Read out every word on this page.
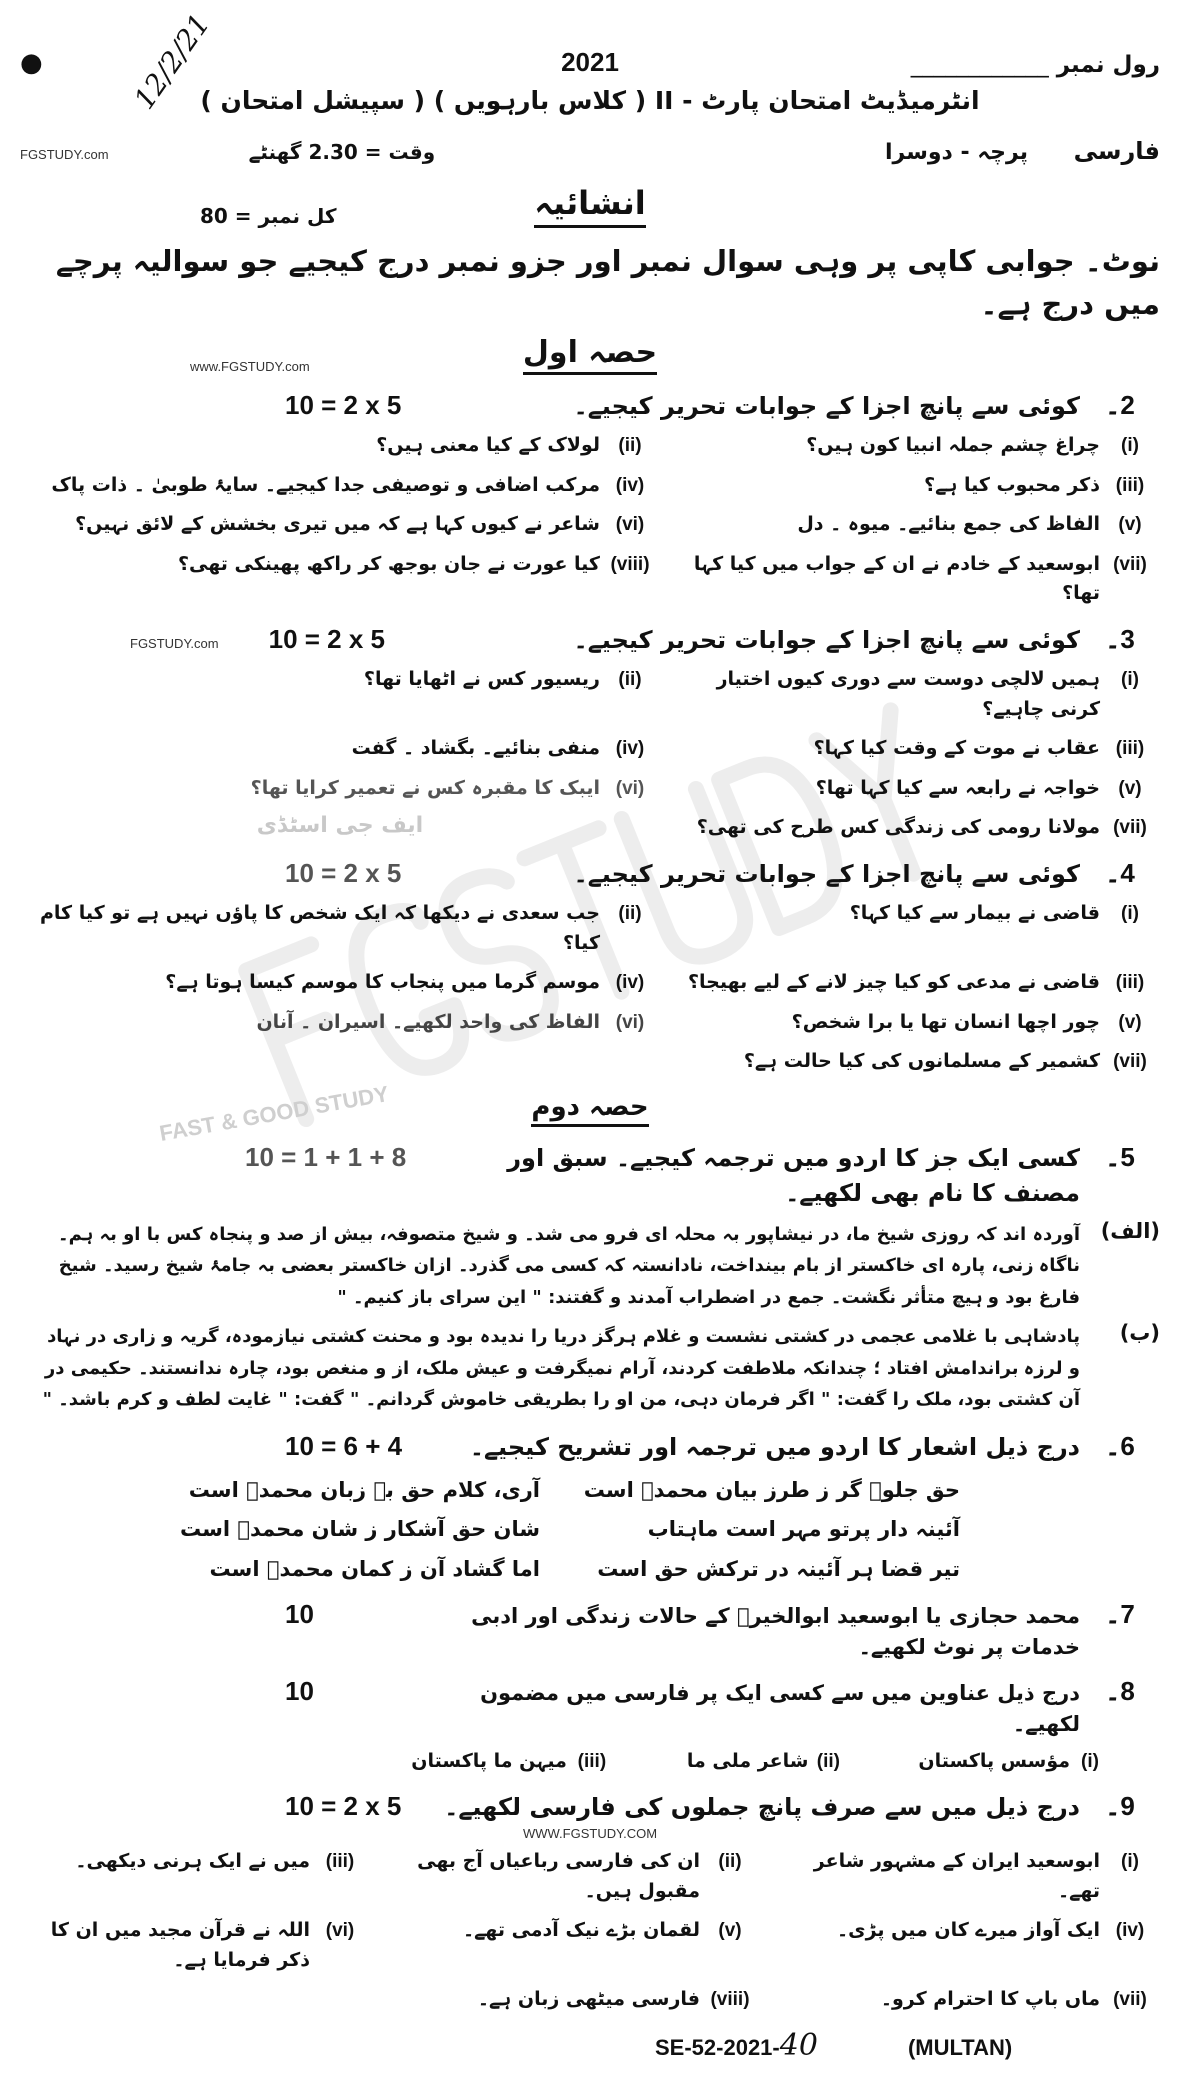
رول نمبر ____________
2021
●	12/2/21
انٹرمیڈیٹ امتحان پارٹ - II ( کلاس بارہویں ) ( سپیشل امتحان )
فارسی پرچہ - دوسرا
وقت = 2.30 گھنٹے
FGSTUDY.com
انشائیہ
کل نمبر = 80
نوٹ۔ جوابی کاپی پر وہی سوال نمبر اور جزو نمبر درج کیجیے جو سوالیہ پرچے میں درج ہے۔
حصہ اول
www.FGSTUDY.com
2۔
کوئی سے پانچ اجزا کے جوابات تحریر کیجیے۔
10 = 2 x 5
(i)
چراغ چشم جملہ انبیا کون ہیں؟
(ii)
لولاک کے کیا معنی ہیں؟
(iii)
ذکر محبوب کیا ہے؟
(iv)
مرکب اضافی و توصیفی جدا کیجیے۔ سایۂ طوبیٰ ۔ ذات پاک
(v)
الفاظ کی جمع بنائیے۔ میوہ ۔ دل
(vi)
شاعر نے کیوں کہا ہے کہ میں تیری بخشش کے لائق نہیں؟
(vii)
ابوسعید کے خادم نے ان کے جواب میں کیا کہا تھا؟
(viii)
کیا عورت نے جان بوجھ کر راکھ پھینکی تھی؟
3۔
کوئی سے پانچ اجزا کے جوابات تحریر کیجیے۔
FGSTUDY.com 10 = 2 x 5
(i)
ہمیں لالچی دوست سے دوری کیوں اختیار کرنی چاہیے؟
(ii)
ریسیور کس نے اٹھایا تھا؟
(iii)
عقاب نے موت کے وقت کیا کہا؟
(iv)
منفی بنائیے۔ بگشاد ۔ گفت
(v)
خواجہ نے رابعہ سے کیا کہا تھا؟
(vi)
ایبک کا مقبرہ کس نے تعمیر کرایا تھا؟
(vii)
مولانا رومی کی زندگی کس طرح کی تھی؟
ایف جی اسٹڈی
4۔
کوئی سے پانچ اجزا کے جوابات تحریر کیجیے۔
10 = 2 x 5
(i)
قاضی نے بیمار سے کیا کہا؟
(ii)
جب سعدی نے دیکھا کہ ایک شخص کا پاؤں نہیں ہے تو کیا کام کیا؟
(iii)
قاضی نے مدعی کو کیا چیز لانے کے لیے بھیجا؟
(iv)
موسم گرما میں پنجاب کا موسم کیسا ہوتا ہے؟
(v)
چور اچھا انسان تھا یا برا شخص؟
(vi)
الفاظ کی واحد لکھیے۔ اسیران ۔ آنان
(vii)
کشمیر کے مسلمانوں کی کیا حالت ہے؟
حصہ دوم
FAST & GOOD STUDY
5۔
کسی ایک جز کا اردو میں ترجمہ کیجیے۔ سبق اور مصنف کا نام بھی لکھیے۔
10 = 1 + 1 + 8
(الف)
آوردہ اند کہ روزی شیخ ما، در نیشاپور بہ محلہ ای فرو می شد۔ و شیخ متصوفہ، بیش از صد و پنجاہ کس با او بہ ہم۔ ناگاہ زنی، پارہ ای خاکستر از بام بینداخت، نادانستہ کہ کسی می گذرد۔ ازان خاکستر بعضی بہ جامۂ شیخ رسید۔ شیخ فارغ بود و ہیچ متأثر نگشت۔ جمع در اضطراب آمدند و گفتند: " این سرای باز کنیم۔ "
(ب)
پادشاہی با غلامی عجمی در کشتی نشست و غلام ہرگز دریا را ندیدہ بود و محنت کشتی نیازمودہ، گریہ و زاری در نہاد و لرزہ براندامش افتاد ؛ چندانکہ ملاطفت کردند، آرام نمیگرفت و عیش ملک، از و منغص بود، چارہ ندانستند۔ حکیمی در آن کشتی بود، ملک را گفت: " اگر فرمان دہی، من او را بطریقی خاموش گردانم۔ " گفت: " غایت لطف و کرم باشد۔ "
6۔
درج ذیل اشعار کا اردو میں ترجمہ اور تشریح کیجیے۔
10 = 6 + 4
حق جلوہ گر ز طرز بیان محمدؐ است
آری، کلام حق بہ زبان محمدؐ است
آئینہ دار پرتو مہر است ماہتاب
شان حق آشکار ز شان محمدؐ است
تیر قضا ہر آئینہ در ترکش حق است
اما گشاد آن ز کمان محمدؐ است
7۔
محمد حجازی یا ابوسعید ابوالخیرؒ کے حالات زندگی اور ادبی خدمات پر نوٹ لکھیے۔
10
8۔
درج ذیل عناوین میں سے کسی ایک پر فارسی میں مضمون لکھیے۔
10
(i)
مؤسس پاکستان
(ii)
شاعر ملی ما
(iii)
میہن ما پاکستان
9۔
درج ذیل میں سے صرف پانچ جملوں کی فارسی لکھیے۔
10 = 2 x 5
WWW.FGSTUDY.COM
(i)
ابوسعید ایران کے مشہور شاعر تھے۔
(ii)
ان کی فارسی رباعیاں آج بھی مقبول ہیں۔
(iii)
میں نے ایک ہرنی دیکھی۔
(iv)
ایک آواز میرے کان میں پڑی۔
(v)
لقمان بڑے نیک آدمی تھے۔
(vi)
اللہ نے قرآن مجید میں ان کا ذکر فرمایا ہے۔
(vii)
ماں باپ کا احترام کرو۔
(viii)
فارسی میٹھی زبان ہے۔
SE-52-2021-40	(MULTAN)
